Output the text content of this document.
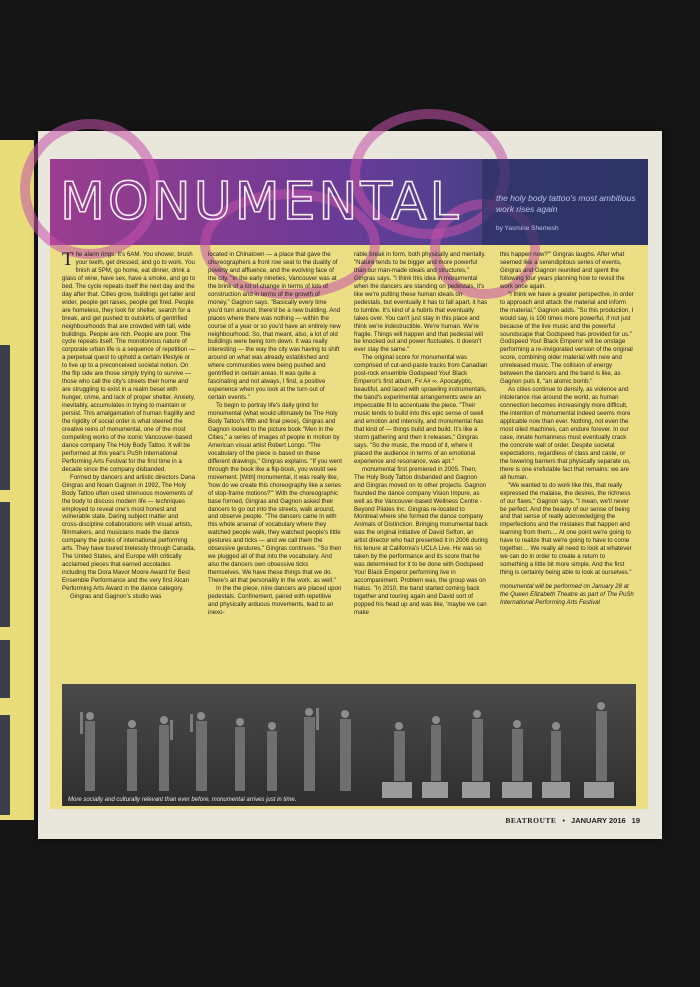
MONUMENTAL	the holy body tattoo's most ambitious work rises again
by Yasmine Shemesh

The alarm rings. It's 6AM. You shower, brush your teeth, get dressed, and go to work. You finish at 5PM, go home, eat dinner, drink a glass of wine, have sex, have a smoke, and go to bed. The cycle repeats itself the next day and the day after that. Cities grow, buildings get taller and wider, people get raises, people get fired. People are homeless, they look for shelter, search for a break, and get pushed to outskirts of gentrified neighbourhoods that are crowded with tall, wide buildings. People are rich. People are poor. The cycle repeats itself. The monotonous nature of corporate urban life is a sequence of repetition — a perpetual quest to uphold a certain lifestyle or to live up to a preconceived societal notion. On the flip side are those simply trying to survive — those who call the city's streets their home and are struggling to exist in a realm beset with hunger, crime, and lack of proper shelter. Anxiety, inevitably, accumulates in trying to maintain or persist. This amalgamation of human fragility and the rigidity of social order is what steered the creative reins of monumental, one of the most compelling works of the iconic Vancouver-based dance company The Holy Body Tattoo. It will be performed at this year's PuSh International Performing Arts Festival for the first time in a decade since the company disbanded.

Formed by dancers and artistic directors Dana Gingras and Noam Gagnon in 1992, The Holy Body Tattoo often used strenuous movements of the body to discuss modern life — techniques employed to reveal one's most honest and vulnerable state. Daring subject matter and cross-discipline collaborations with visual artists, filmmakers, and musicians made the dance company the punks of international performing arts. They have toured tirelessly through Canada, The United States, and Europe with critically acclaimed pieces that earned accolades including the Dora Mavor Moore Award for Best Ensemble Performance and the very first Alcan Performing Arts Award in the dance category.

Gingras and Gagnon's studio was

located in Chinatown — a place that gave the choreographers a front row seat to the duality of poverty and affluence, and the evolving face of the city. "In the early nineties, Vancouver was at the brink of a lot of change in terms of lots of construction and in terms of the growth of money," Gagnon says. "Basically every time you'd turn around, there'd be a new building. And places where there was nothing — within the course of a year or so you'd have an entirely new neighbourhood. So, that meant, also, a lot of old buildings were being torn down. It was really interesting — the way the city was having to shift around on what was already established and where communities were being pushed and gentrified in certain areas. It was quite a fascinating and not always, I find, a positive experience when you look at the turn out of certain events."

To begin to portray life's daily grind for monumental (what would ultimately be The Holy Body Tattoo's fifth and final piece), Gingras and Gagnon looked to the picture book "Men in the Cities," a series of images of people in motion by American visual artist Robert Longo. "The vocabulary of the piece is based on these different drawings," Gingras explains. "If you went through the book like a flip-book, you would see movement. [With] monumental, it was really like, 'how do we create this choreography like a series of stop-frame motions?'" With the choreographic base formed, Gingras and Gagnon asked their dancers to go out into the streets, walk around, and observe people. "The dancers came in with this whole arsenal of vocabulary where they watched people walk, they watched people's little gestures and ticks — and we call them the obsessive gestures," Gingras continues. "So then we plugged all of that into the vocabulary. And also the dancers own obsessive ticks themselves. We have these things that we do. There's all that personality in the work, as well."

In the the piece, nine dancers are placed upon pedestals. Confinement, paired with repetitive and physically arduous movements, lead to an inexo-

rable break in form, both physically and mentally. "Nature tends to be bigger and more powerful than our man-made ideals and structures," Gingras says. "I think this idea in monumental when the dancers are standing on pedestals, it's like we're putting these human ideals on pedestals, but eventually it has to fall apart, it has to tumble. It's kind of a hubris that eventually takes over. You can't just stay in this place and think we're indestructible. We're human. We're fragile. Things will happen and that pedestal will be knocked out and power fluctuates. It doesn't ever stay the same."

The original score for monumental was comprised of cut-and-paste tracks from Canadian post-rock ensemble Godspeed You! Black Emperor's first album, F# A# ∞. Apocalyptic, beautiful, and laced with sprawling instrumentals, the band's experimental arrangements were an impeccable fit to accentuate the piece. "Their music tends to build into this epic sense of swell and emotion and intensity, and monumental has that kind of — things build and build. It's like a storm gathering and then it releases," Gingras says. "So the music, the mood of it, where it placed the audience in terms of an emotional experience and resonance, was apt."

monumental first premiered in 2005. Then, The Holy Body Tattoo disbanded and Gagnon and Gingras moved on to other projects. Gagnon founded the dance company Vision Impure, as well as the Vancouver-based Wellness Centre - Beyond Pilates Inc. Gingras re-located to Montreal where she formed the dance company Animals of Distinction. Bringing monumental back was the original initiative of David Sefton, an artist director who had presented it in 2006 during his tenure at California's UCLA Live. He was so taken by the performance and its score that he was determined for it to be done with Godspeed You! Black Emperor performing live in accompaniment. Problem was, the group was on hiatus. "In 2010, the band started coming back together and touring again and David sort of popped his head up and was like, 'maybe we can make

this happen now?'" Gingras laughs. After what seemed like a serendipitous series of events, Gingras and Gagnon reunited and spent the following four years planning how to revisit the work once again.

"I think we have a greater perspective, in order to approach and attack the material and inform the material," Gagnon adds. "So this production, I would say, is 100 times more powerful, if not just because of the live music and the powerful soundscape that Godspeed has provided for us." Godspeed You! Black Emperor will be onstage performing a re-invigorated version of the original score, combining older material with new and unreleased music. The collision of energy between the dancers and the band is like, as Gagnon puts it, "an atomic bomb."

As cities continue to densify, as violence and intolerance rise around the world, as human connection becomes increasingly more difficult, the intention of monumental indeed seems more applicable now than ever. Nothing, not even the most oiled machines, can endure forever. In our case, innate humanness must eventually crack the concrete wall of order. Despite societal expectations, regardless of class and caste, or the towering barriers that physically separate us, there is one irrefutable fact that remains: we are all human.

"We wanted to do work like this, that really expressed the malaise, the desires, the richness of our flaws," Gagnon says. "I mean, we'll never be perfect. And the beauty of our sense of being and that sense of really acknowledging the imperfections and the mistakes that happen and learning from them.... At one point we're going to have to realize that we're going to have to come together.... We really all need to look at whatever we can do in order to create a return to something a little bit more simple. And the first thing is certainly being able to look at ourselves."

monumental will be performed on January 28 at the Queen Elizabeth Theatre as part of The PuSh International Performing Arts Festival

More socially and culturally relevant than ever before, monumental arrives just in time.
BEATROUTE • JANUARY 2016 19
